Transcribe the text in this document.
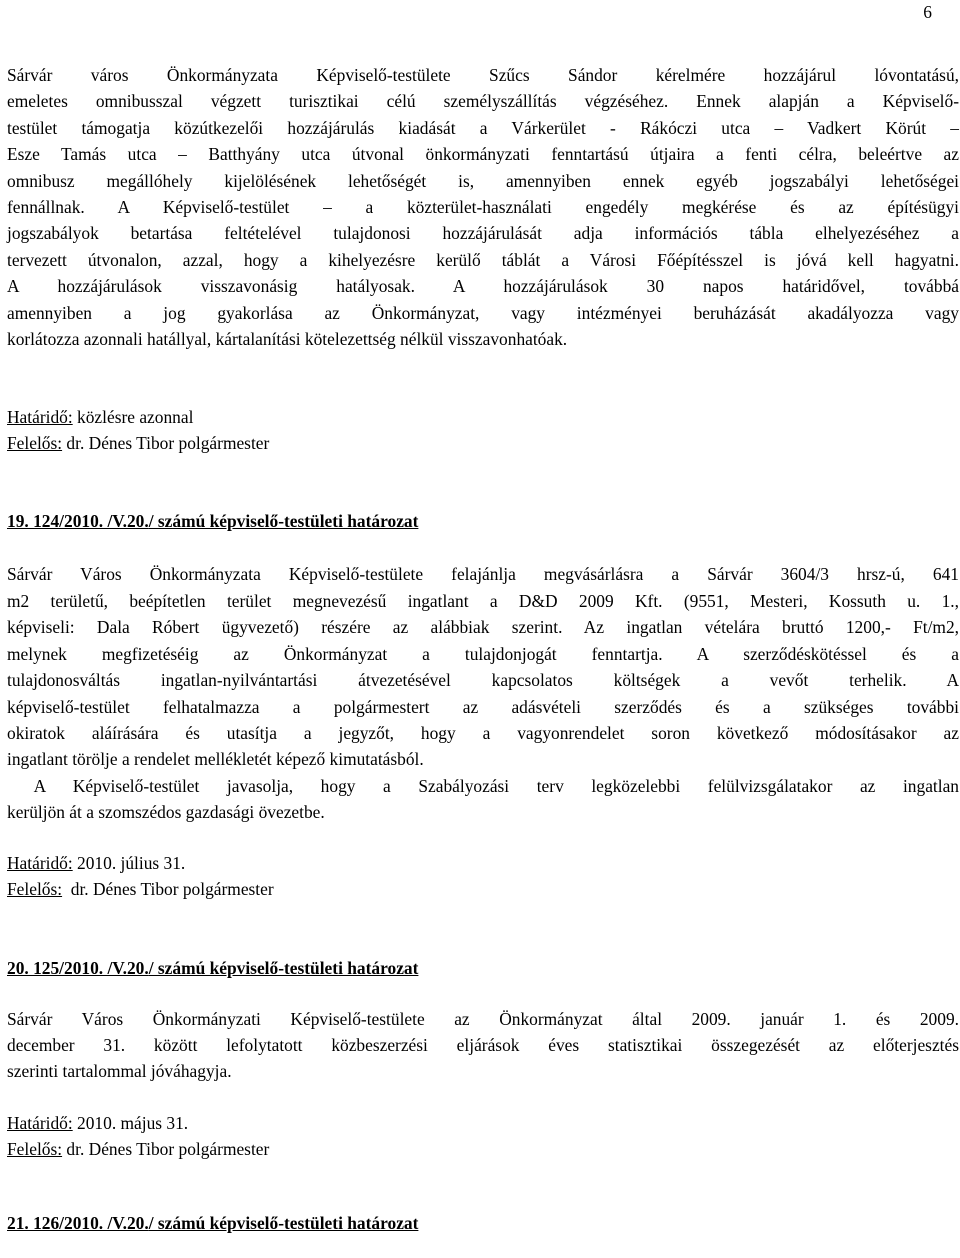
6
Sárvár város Önkormányzata Képviselő-testülete Szűcs Sándor kérelmére hozzájárul lóvontatású,
emeletes omnibusszal végzett turisztikai célú személyszállítás végzéséhez. Ennek alapján a Képviselő-
testület támogatja közútkezelői hozzájárulás kiadását a Várkerület - Rákóczi utca – Vadkert Körút –
Esze Tamás utca – Batthyány utca útvonal önkormányzati fenntartású útjaira a fenti célra, beleértve az
omnibusz megállóhely kijelölésének lehetőségét is, amennyiben ennek egyéb jogszabályi lehetőségei
fennállnak. A Képviselő-testület – a közterület-használati engedély megkérése és az építésügyi
jogszabályok betartása feltételével tulajdonosi hozzájárulását adja információs tábla elhelyezéséhez a
tervezett útvonalon, azzal, hogy a kihelyezésre kerülő táblát a Városi Főépítésszel is jóvá kell hagyatni.
A hozzájárulások visszavonásig hatályosak. A hozzájárulások 30 napos határidővel, továbbá
amennyiben a jog gyakorlása az Önkormányzat, vagy intézményei beruházását akadályozza vagy
korlátozza azonnali hatállyal, kártalanítási kötelezettség nélkül visszavonhatóak.

Határidő: közlésre azonnal

Felelős: dr. Dénes Tibor polgármester

19. 124/2010. /V.20./ számú képviselő-testületi határozat

Sárvár Város Önkormányzata Képviselő-testülete felajánlja megvásárlásra a Sárvár 3604/3 hrsz-ú, 641
m2 területű, beépítetlen terület megnevezésű ingatlant a D&D 2009 Kft. (9551, Mesteri, Kossuth u. 1.,
képviseli: Dala Róbert ügyvezető) részére az alábbiak szerint. Az ingatlan vételára bruttó 1200,- Ft/m2,
melynek megfizetéséig az Önkormányzat a tulajdonjogát fenntartja. A szerződéskötéssel és a
tulajdonosváltás ingatlan-nyilvántartási átvezetésével kapcsolatos költségek a vevőt terhelik. A
képviselő-testület felhatalmazza a polgármestert az adásvételi szerződés és a szükséges további
okiratok aláírására és utasítja a jegyzőt, hogy a vagyonrendelet soron következő módosításakor az
ingatlant törölje a rendelet mellékletét képező kimutatásból.
A Képviselő-testület javasolja, hogy a Szabályozási terv legközelebbi felülvizsgálatakor az ingatlan
kerüljön át a szomszédos gazdasági övezetbe.

Határidő: 2010. július 31.

Felelős:  dr. Dénes Tibor polgármester

20. 125/2010. /V.20./ számú képviselő-testületi határozat

Sárvár Város Önkormányzati Képviselő-testülete az Önkormányzat által 2009. január 1. és 2009.
december 31. között lefolytatott közbeszerzési eljárások éves statisztikai összegezését az előterjesztés
szerinti tartalommal jóváhagyja.

Határidő: 2010. május 31.

Felelős: dr. Dénes Tibor polgármester

21. 126/2010. /V.20./ számú képviselő-testületi határozat
